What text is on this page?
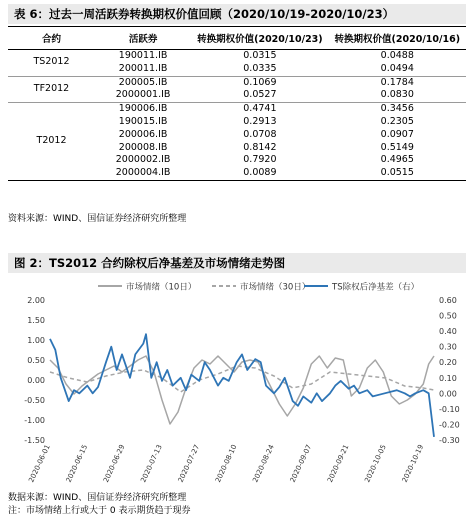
表 6：过去一周活跃券转换期权价值回顾（2020/10/19-2020/10/23）
合约	活跃券	转换期权价值(2020/10/23)	转换期权价值(2020/10/16)
TS2012	190011.IB	0.0315	0.0488
	200011.IB	0.0335	0.0494
TF2012	200005.IB	0.1069	0.1784
	2000001.IB	0.0527	0.0830
T2012	190006.IB	0.4741	0.3456
	190015.IB	0.2913	0.2305
	200006.IB	0.0708	0.0907
	200008.IB	0.8142	0.5149
	2000002.IB	0.7920	0.4965
	2000004.IB	0.0089	0.0515
资料来源：WIND、国信证券经济研究所整理
图 2：TS2012 合约除权后净基差及市场情绪走势图
市场情绪（10日）	市场情绪（30日）	TS除权后净基差（右）
2.00
1.50
1.00
0.50
0.00
-0.50
-1.00
-1.50
0.60
0.50
0.40
0.30
0.20
0.10
0.00
-0.10
-0.20
-0.30
2020-06-01 2020-06-15 2020-06-29 2020-07-13 2020-07-27 2020-08-10 2020-08-24 2020-09-07 2020-09-21 2020-10-05 2020-10-19
数据来源：WIND、国信证券经济研究所整理
注：市场情绪上行或大于 0 表示期货趋于现券
